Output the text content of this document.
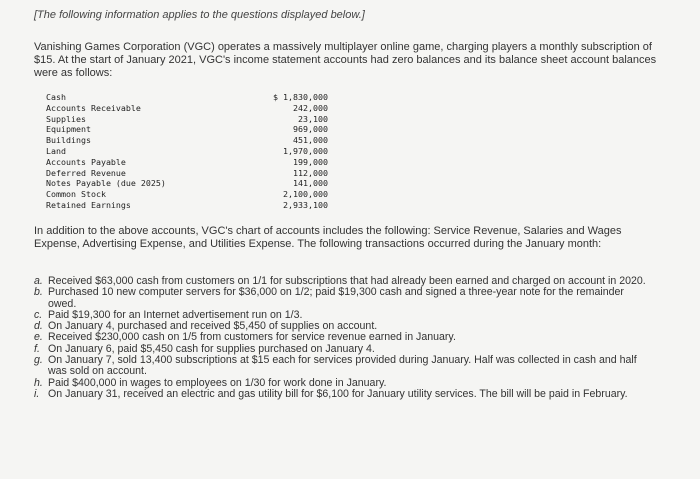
[The following information applies to the questions displayed below.]
Vanishing Games Corporation (VGC) operates a massively multiplayer online game, charging players a monthly subscription of $15. At the start of January 2021, VGC's income statement accounts had zero balances and its balance sheet account balances were as follows:
Cash	$ 1,830,000
Accounts Receivable	242,000
Supplies	23,100
Equipment	969,000
Buildings	451,000
Land	1,970,000
Accounts Payable	199,000
Deferred Revenue	112,000
Notes Payable (due 2025)	141,000
Common Stock	2,100,000
Retained Earnings	2,933,100
In addition to the above accounts, VGC's chart of accounts includes the following: Service Revenue, Salaries and Wages Expense, Advertising Expense, and Utilities Expense. The following transactions occurred during the January month:
a. Received $63,000 cash from customers on 1/1 for subscriptions that had already been earned and charged on account in 2020.
b. Purchased 10 new computer servers for $36,000 on 1/2; paid $19,300 cash and signed a three-year note for the remainder owed.
c. Paid $19,300 for an Internet advertisement run on 1/3.
d. On January 4, purchased and received $5,450 of supplies on account.
e. Received $230,000 cash on 1/5 from customers for service revenue earned in January.
f. On January 6, paid $5,450 cash for supplies purchased on January 4.
g. On January 7, sold 13,400 subscriptions at $15 each for services provided during January. Half was collected in cash and half was sold on account.
h. Paid $400,000 in wages to employees on 1/30 for work done in January.
i. On January 31, received an electric and gas utility bill for $6,100 for January utility services. The bill will be paid in February.
